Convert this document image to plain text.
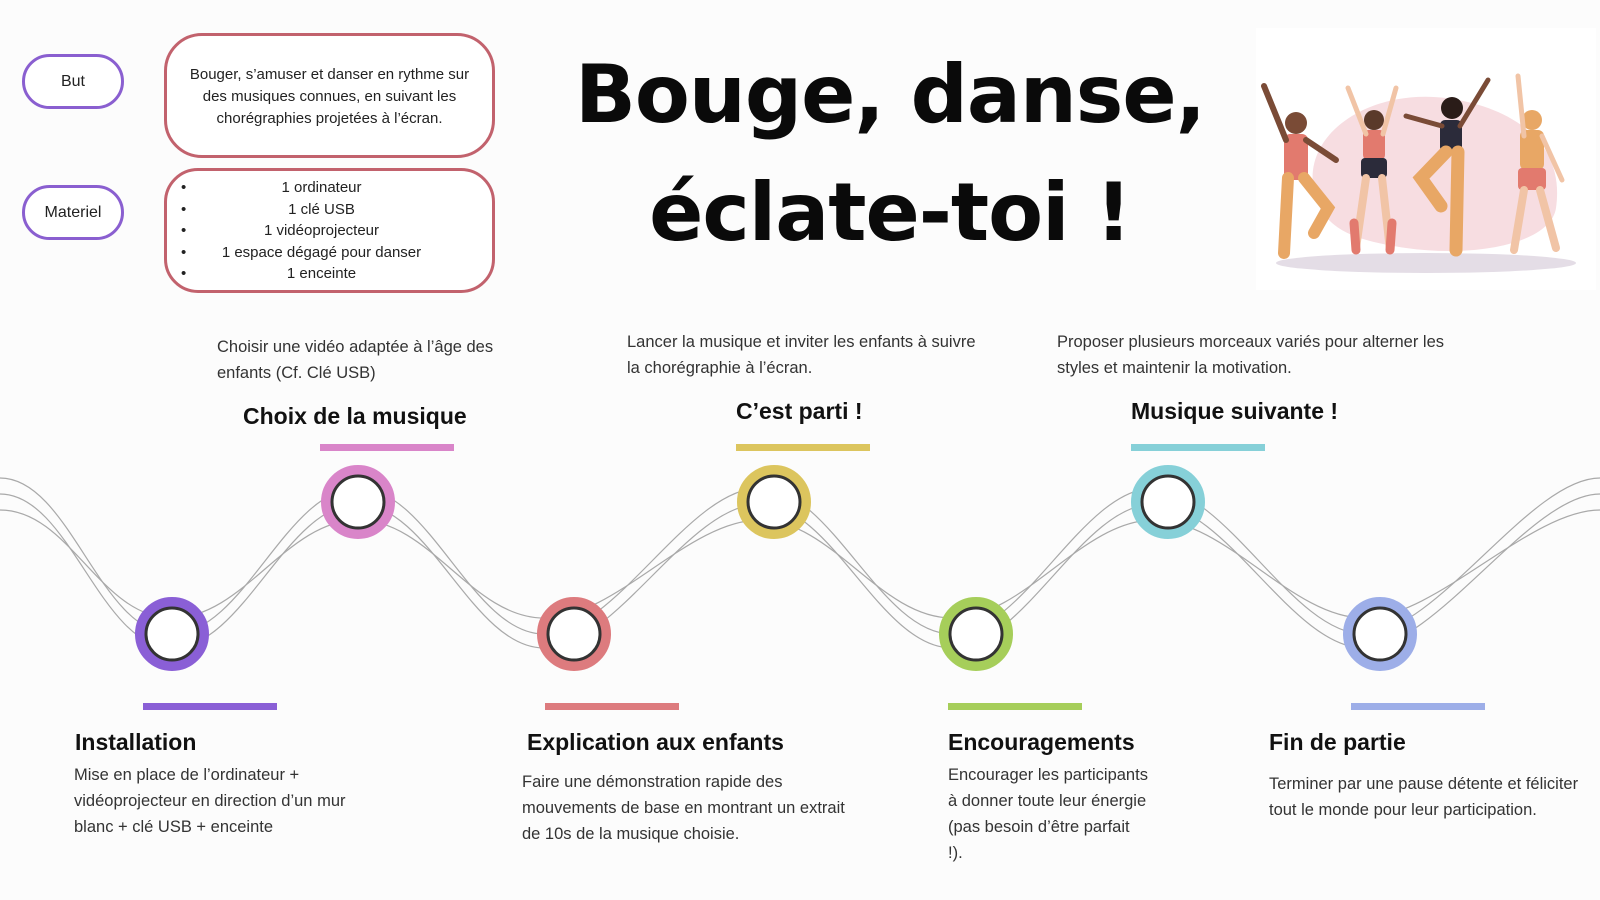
But	Bouger, s’amuser et danser en rythme sur des musiques connues, en suivant les chorégraphies projetées à l’écran.
Materiel
• 1 ordinateur
• 1 clé USB
• 1 vidéoprojecteur
• 1 espace dégagé pour danser
• 1 enceinte
Bouge, danse,
éclate-toi !
Choisir une vidéo adaptée à l’âge des enfants (Cf. Clé USB)
Choix de la musique
Lancer la musique et inviter les enfants à suivre la chorégraphie à l’écran.
C’est parti !
Proposer plusieurs morceaux variés pour alterner les styles et maintenir la motivation.
Musique suivante !
Installation
Mise en place de l’ordinateur + vidéoprojecteur en direction d’un mur blanc + clé USB + enceinte
Explication aux enfants
Faire une démonstration rapide des mouvements de base en montrant un extrait de 10s de la musique choisie.
Encouragements
Encourager les participants à donner toute leur énergie (pas besoin d’être parfait !).
Fin de partie
Terminer par une pause détente et féliciter tout le monde pour leur participation.
